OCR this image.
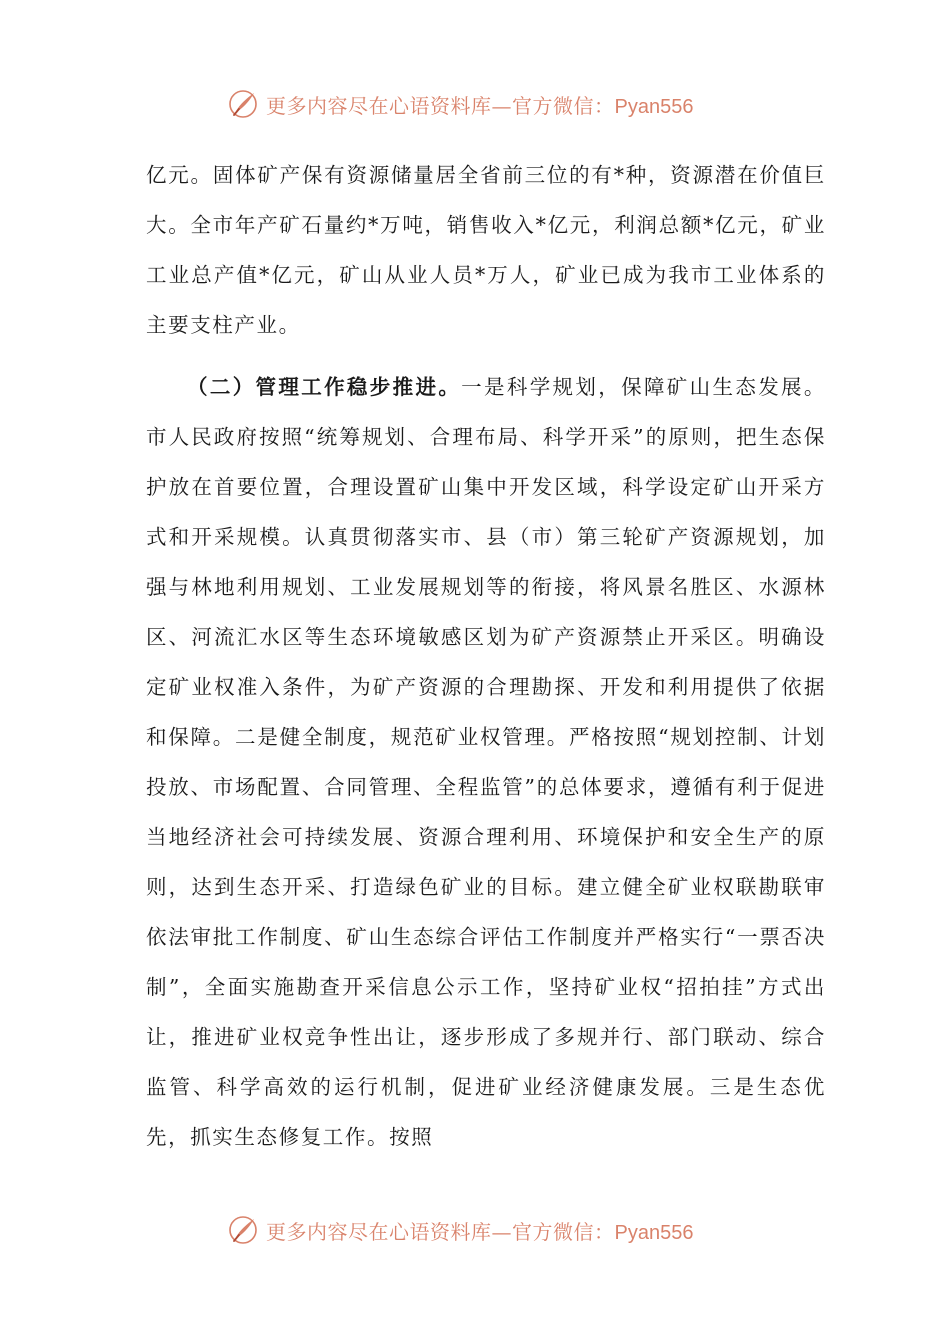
更多内容尽在心语资料库—官方微信：Pyan556

亿元。固体矿产保有资源储量居全省前三位的有*种，资源潜在价值巨大。全市年产矿石量约*万吨，销售收入*亿元，利润总额*亿元，矿业工业总产值*亿元，矿山从业人员*万人，矿业已成为我市工业体系的主要支柱产业。

（二）管理工作稳步推进。一是科学规划，保障矿山生态发展。市人民政府按照“统筹规划、合理布局、科学开采”的原则，把生态保护放在首要位置，合理设置矿山集中开发区域，科学设定矿山开采方式和开采规模。认真贯彻落实市、县（市）第三轮矿产资源规划，加强与林地利用规划、工业发展规划等的衔接，将风景名胜区、水源林区、河流汇水区等生态环境敏感区划为矿产资源禁止开采区。明确设定矿业权准入条件，为矿产资源的合理勘探、开发和利用提供了依据和保障。二是健全制度，规范矿业权管理。严格按照“规划控制、计划投放、市场配置、合同管理、全程监管”的总体要求，遵循有利于促进当地经济社会可持续发展、资源合理利用、环境保护和安全生产的原则，达到生态开采、打造绿色矿业的目标。建立健全矿业权联勘联审依法审批工作制度、矿山生态综合评估工作制度并严格实行“一票否决制”，全面实施勘查开采信息公示工作，坚持矿业权“招拍挂”方式出让，推进矿业权竞争性出让，逐步形成了多规并行、部门联动、综合监管、科学高效的运行机制，促进矿业经济健康发展。三是生态优先，抓实生态修复工作。按照

更多内容尽在心语资料库—官方微信：Pyan556
